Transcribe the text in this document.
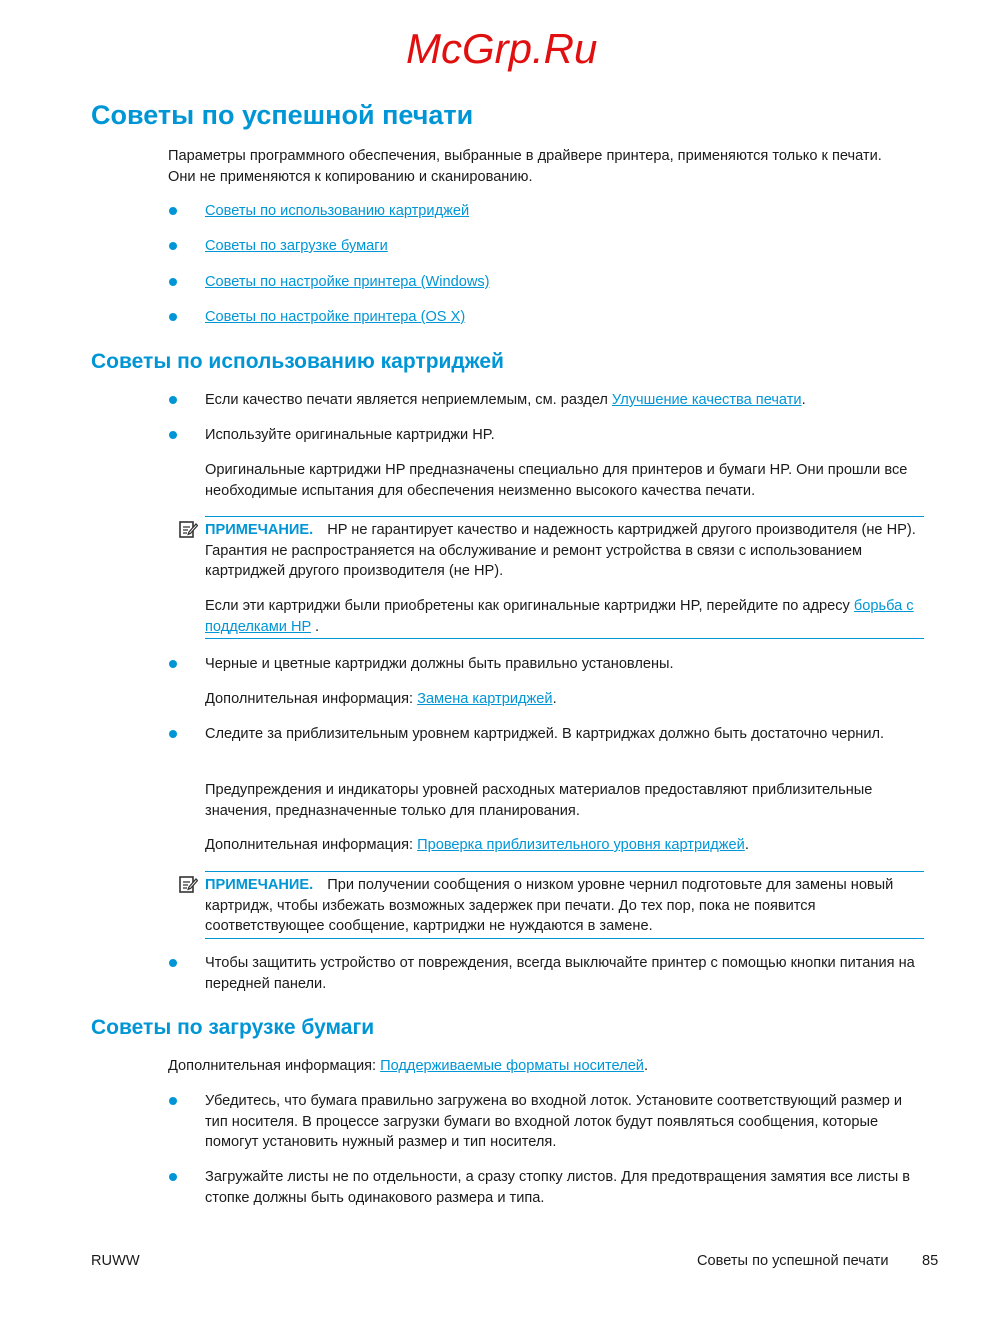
Советы по успешной печати
Параметры программного обеспечения, выбранные в драйвере принтера, применяются только к печати. Они не применяются к копированию и сканированию.
Советы по использованию картриджей
Советы по загрузке бумаги
Советы по настройке принтера (Windows)
Советы по настройке принтера (OS X)
Советы по использованию картриджей
Если качество печати является неприемлемым, см. раздел Улучшение качества печати.
Используйте оригинальные картриджи HP.
Оригинальные картриджи HP предназначены специально для принтеров и бумаги HP. Они прошли все необходимые испытания для обеспечения неизменно высокого качества печати.
ПРИМЕЧАНИЕ. HP не гарантирует качество и надежность картриджей другого производителя (не HP). Гарантия не распространяется на обслуживание и ремонт устройства в связи с использованием картриджей другого производителя (не HP).
Если эти картриджи были приобретены как оригинальные картриджи HP, перейдите по адресу борьба с подделками HP .
Черные и цветные картриджи должны быть правильно установлены.
Дополнительная информация: Замена картриджей.
Следите за приблизительным уровнем картриджей. В картриджах должно быть достаточно чернил.
Предупреждения и индикаторы уровней расходных материалов предоставляют приблизительные значения, предназначенные только для планирования.
Дополнительная информация: Проверка приблизительного уровня картриджей.
ПРИМЕЧАНИЕ. При получении сообщения о низком уровне чернил подготовьте для замены новый картридж, чтобы избежать возможных задержек при печати. До тех пор, пока не появится соответствующее сообщение, картриджи не нуждаются в замене.
Чтобы защитить устройство от повреждения, всегда выключайте принтер с помощью кнопки питания на передней панели.
Советы по загрузке бумаги
Дополнительная информация: Поддерживаемые форматы носителей.
Убедитесь, что бумага правильно загружена во входной лоток. Установите соответствующий размер и тип носителя. В процессе загрузки бумаги во входной лоток будут появляться сообщения, которые помогут установить нужный размер и тип носителя.
Загружайте листы не по отдельности, а сразу стопку листов. Для предотвращения замятия все листы в стопке должны быть одинакового размера и типа.
McGrp.Ru
RUWW	Советы по успешной печати 85
